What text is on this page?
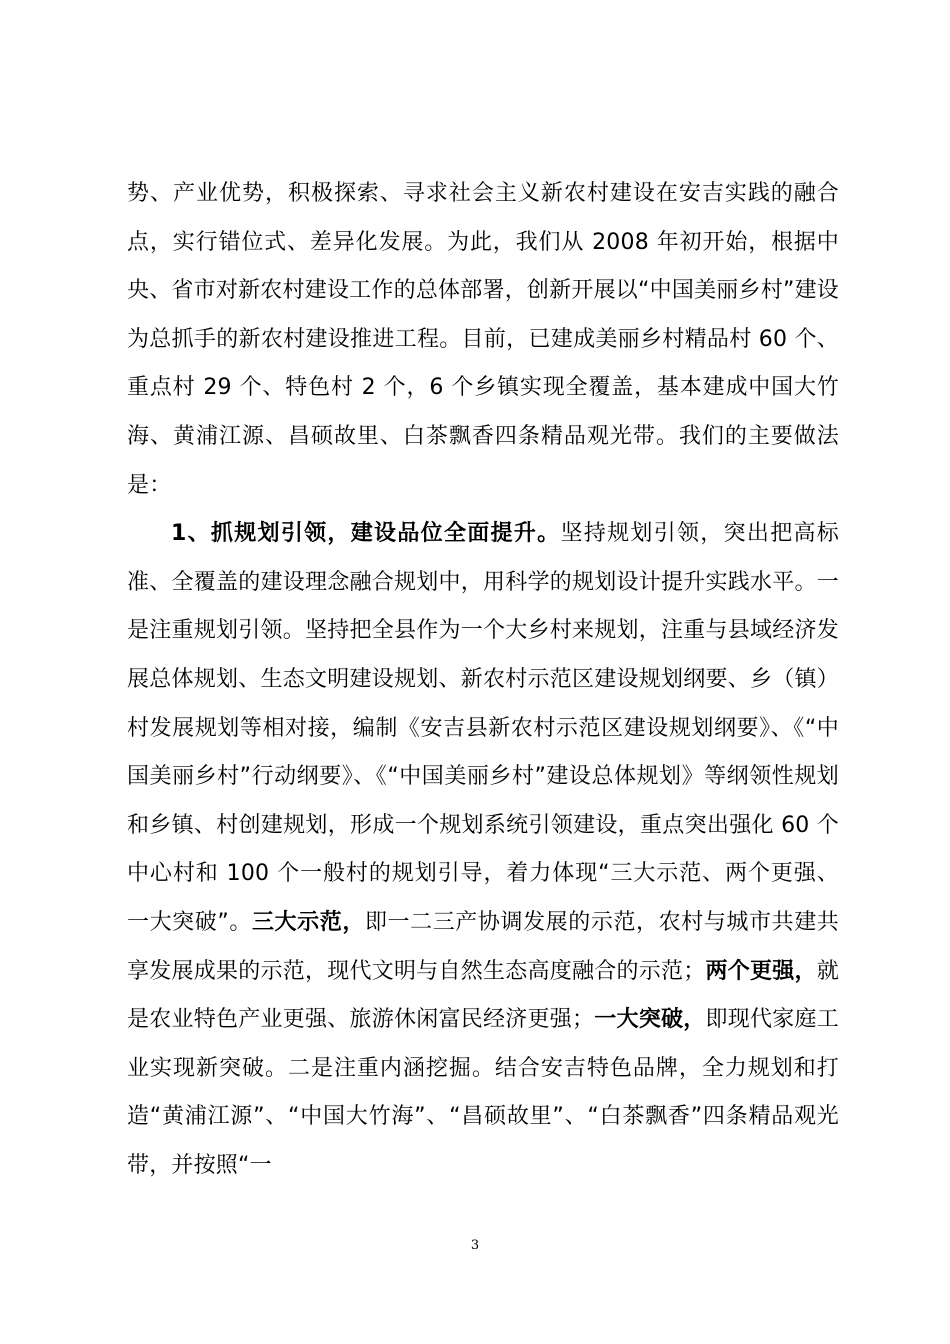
势、产业优势，积极探索、寻求社会主义新农村建设在安吉实践的融合点，实行错位式、差异化发展。为此，我们从 2008 年初开始，根据中央、省市对新农村建设工作的总体部署，创新开展以“中国美丽乡村”建设为总抓手的新农村建设推进工程。目前，已建成美丽乡村精品村 60 个、重点村 29 个、特色村 2 个，6 个乡镇实现全覆盖，基本建成中国大竹海、黄浦江源、昌硕故里、白茶飘香四条精品观光带。我们的主要做法是：

1、抓规划引领，建设品位全面提升。坚持规划引领，突出把高标准、全覆盖的建设理念融合规划中，用科学的规划设计提升实践水平。一是注重规划引领。坚持把全县作为一个大乡村来规划，注重与县域经济发展总体规划、生态文明建设规划、新农村示范区建设规划纲要、乡（镇）村发展规划等相对接，编制《安吉县新农村示范区建设规划纲要》、《“中国美丽乡村”行动纲要》、《“中国美丽乡村”建设总体规划》等纲领性规划和乡镇、村创建规划，形成一个规划系统引领建设，重点突出强化 60 个中心村和 100 个一般村的规划引导，着力体现“三大示范、两个更强、一大突破”。三大示范，即一二三产协调发展的示范，农村与城市共建共享发展成果的示范，现代文明与自然生态高度融合的示范；两个更强，就是农业特色产业更强、旅游休闲富民经济更强；一大突破，即现代家庭工业实现新突破。二是注重内涵挖掘。结合安吉特色品牌，全力规划和打造“黄浦江源”、“中国大竹海”、“昌硕故里”、“白茶飘香”四条精品观光带，并按照“一

3
